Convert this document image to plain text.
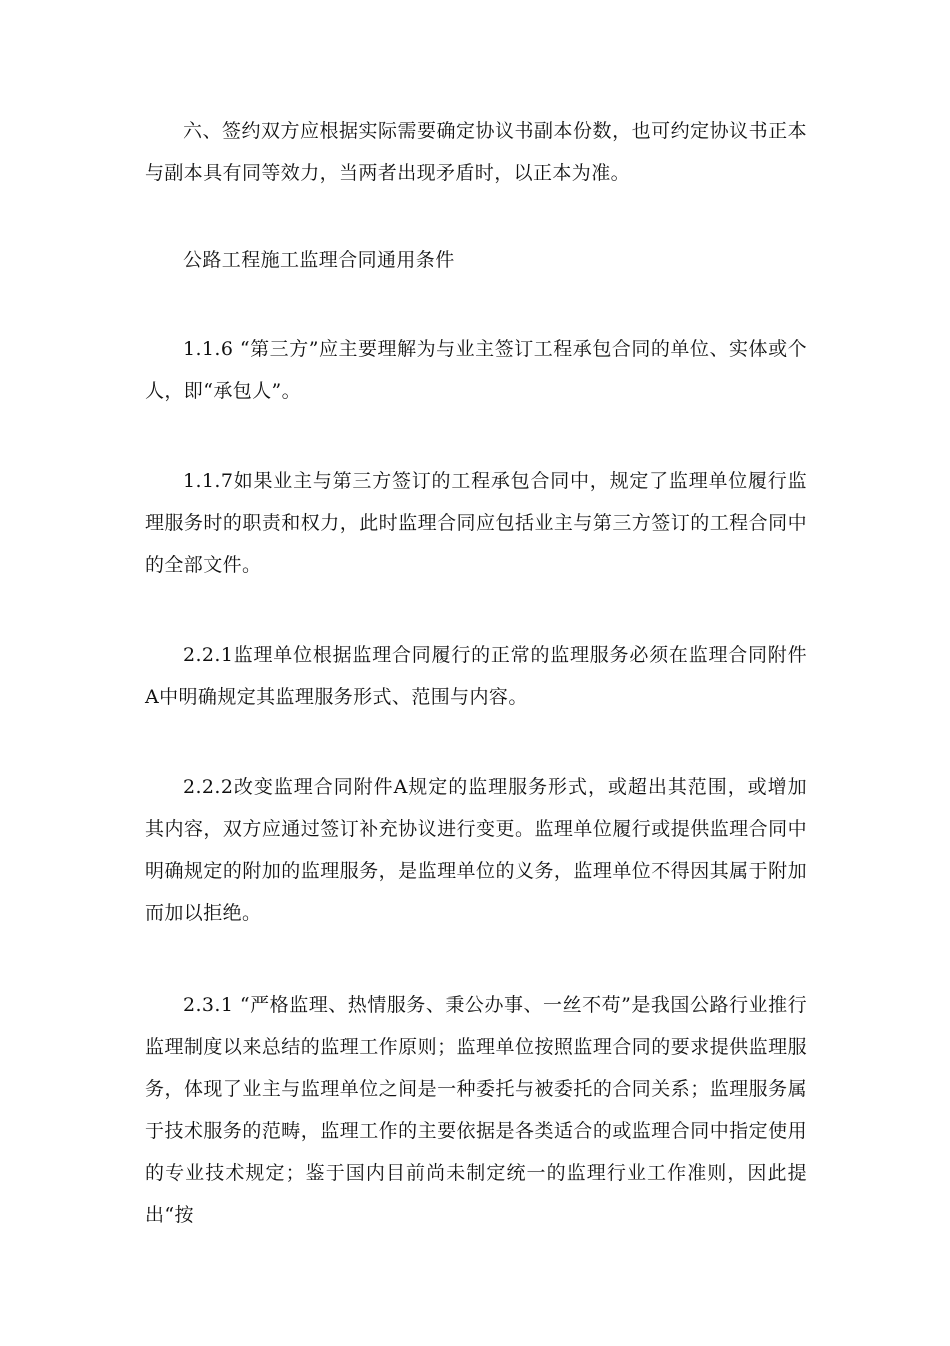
六、签约双方应根据实际需要确定协议书副本份数，也可约定协议书正本与副本具有同等效力，当两者出现矛盾时，以正本为准。

公路工程施工监理合同通用条件

1.1.6 “第三方”应主要理解为与业主签订工程承包合同的单位、实体或个人，即“承包人”。

1.1.7如果业主与第三方签订的工程承包合同中，规定了监理单位履行监理服务时的职责和权力，此时监理合同应包括业主与第三方签订的工程合同中的全部文件。

2.2.1监理单位根据监理合同履行的正常的监理服务必须在监理合同附件A中明确规定其监理服务形式、范围与内容。

2.2.2改变监理合同附件A规定的监理服务形式，或超出其范围，或增加其内容，双方应通过签订补充协议进行变更。监理单位履行或提供监理合同中明确规定的附加的监理服务，是监理单位的义务，监理单位不得因其属于附加而加以拒绝。

2.3.1 “严格监理、热情服务、秉公办事、一丝不苟”是我国公路行业推行监理制度以来总结的监理工作原则；监理单位按照监理合同的要求提供监理服务，体现了业主与监理单位之间是一种委托与被委托的合同关系；监理服务属于技术服务的范畴，监理工作的主要依据是各类适合的或监理合同中指定使用的专业技术规定；鉴于国内目前尚未制定统一的监理行业工作准则，因此提出“按
